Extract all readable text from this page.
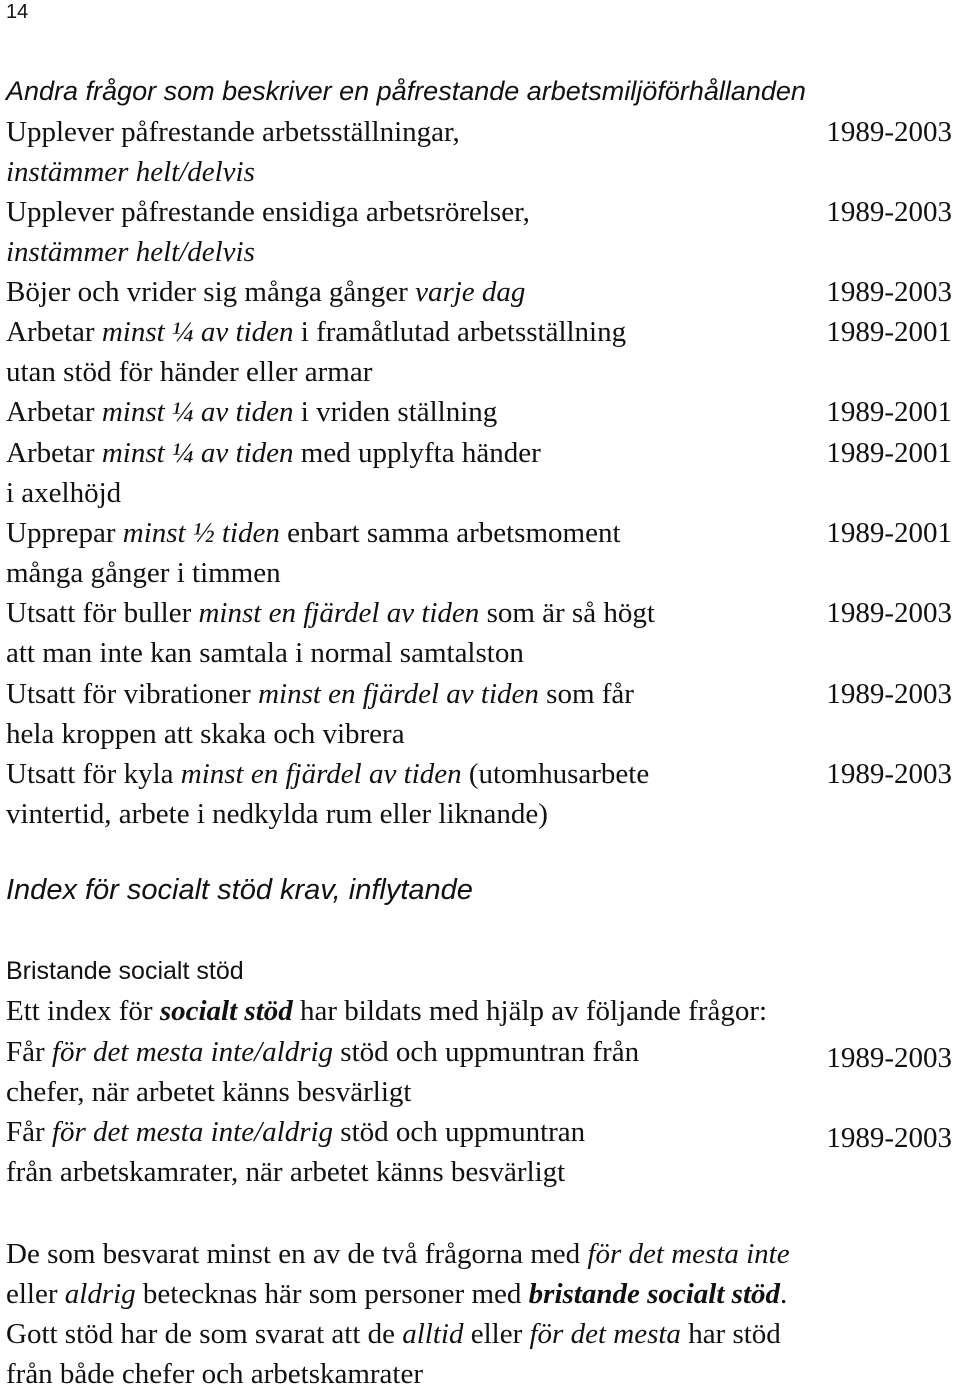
14
Andra frågor som beskriver en påfrestande arbetsmiljöförhållanden
Upplever påfrestande arbetsställningar,
instämmer helt/delvis
1989-2003
Upplever påfrestande ensidiga arbetsrörelser,
instämmer helt/delvis
1989-2003
Böjer och vrider sig många gånger varje dag	1989-2003
Arbetar minst ¼ av tiden i framåtlutad arbetsställning
utan stöd för händer eller armar
1989-2001
Arbetar minst ¼ av tiden i vriden ställning	1989-2001
Arbetar minst ¼ av tiden med upplyfta händer
i axelhöjd
1989-2001
Upprepar minst ½ tiden enbart samma arbetsmoment
många gånger i timmen
1989-2001
Utsatt för buller minst en fjärdel av tiden som är så högt
att man inte kan samtala i normal samtalston
1989-2003
Utsatt för vibrationer minst en fjärdel av tiden som får
hela kroppen att skaka och vibrera
1989-2003
Utsatt för kyla minst en fjärdel av tiden (utomhusarbete
vintertid, arbete i nedkylda rum eller liknande)
1989-2003
Index för socialt stöd krav, inflytande
Bristande socialt stöd
Ett index för socialt stöd har bildats med hjälp av följande frågor:
Får för det mesta inte/aldrig stöd och uppmuntran från
chefer, när arbetet känns besvärligt
1989-2003
Får för det mesta inte/aldrig stöd och uppmuntran
från arbetskamrater, när arbetet känns besvärligt
1989-2003
De som besvarat minst en av de två frågorna med för det mesta inte
eller aldrig betecknas här som personer med bristande socialt stöd.
Gott stöd har de som svarat att de alltid eller för det mesta har stöd
från både chefer och arbetskamrater
